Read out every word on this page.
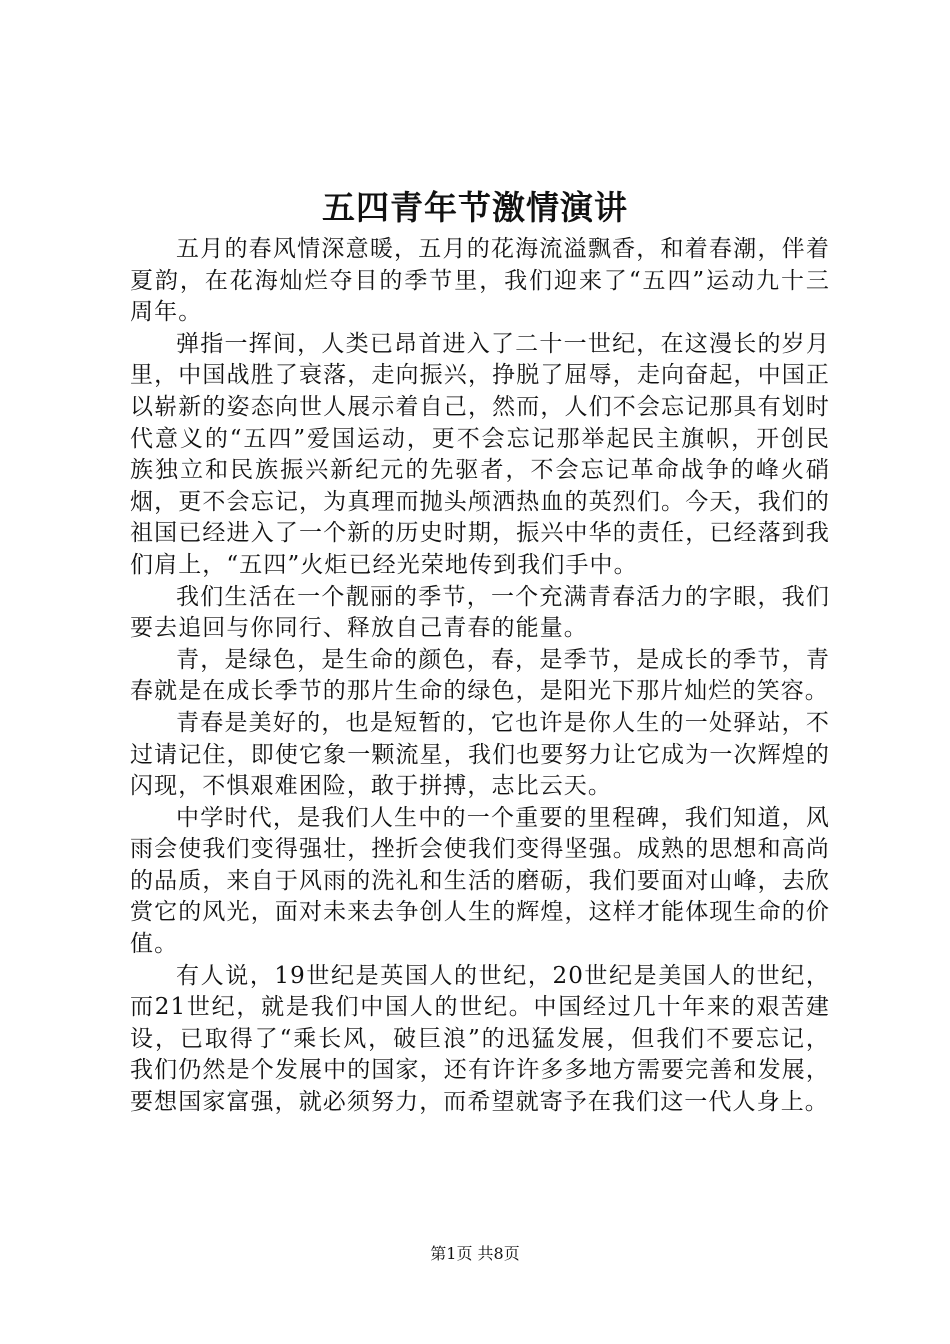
五四青年节激情演讲

五月的春风情深意暖，五月的花海流溢飘香，和着春潮，伴着夏韵，在花海灿烂夺目的季节里，我们迎来了“五四”运动九十三周年。

弹指一挥间，人类已昂首进入了二十一世纪，在这漫长的岁月里，中国战胜了衰落，走向振兴，挣脱了屈辱，走向奋起，中国正以崭新的姿态向世人展示着自己，然而，人们不会忘记那具有划时代意义的“五四”爱国运动，更不会忘记那举起民主旗帜，开创民族独立和民族振兴新纪元的先驱者，不会忘记革命战争的峰火硝烟，更不会忘记，为真理而抛头颅洒热血的英烈们。今天，我们的祖国已经进入了一个新的历史时期，振兴中华的责任，已经落到我们肩上，“五四”火炬已经光荣地传到我们手中。

我们生活在一个靓丽的季节，一个充满青春活力的字眼，我们要去追回与你同行、释放自己青春的能量。

青，是绿色，是生命的颜色，春，是季节，是成长的季节，青春就是在成长季节的那片生命的绿色，是阳光下那片灿烂的笑容。

青春是美好的，也是短暂的，它也许是你人生的一处驿站，不过请记住，即使它象一颗流星，我们也要努力让它成为一次辉煌的闪现，不惧艰难困险，敢于拼搏，志比云天。

中学时代，是我们人生中的一个重要的里程碑，我们知道，风雨会使我们变得强壮，挫折会使我们变得坚强。成熟的思想和高尚的品质，来自于风雨的洗礼和生活的磨砺，我们要面对山峰，去欣赏它的风光，面对未来去争创人生的辉煌，这样才能体现生命的价值。

有人说，19世纪是英国人的世纪，20世纪是美国人的世纪，而21世纪，就是我们中国人的世纪。中国经过几十年来的艰苦建设，已取得了“乘长风，破巨浪”的迅猛发展，但我们不要忘记，我们仍然是个发展中的国家，还有许许多多地方需要完善和发展，要想国家富强，就必须努力，而希望就寄予在我们这一代人身上。

第1页 共8页
